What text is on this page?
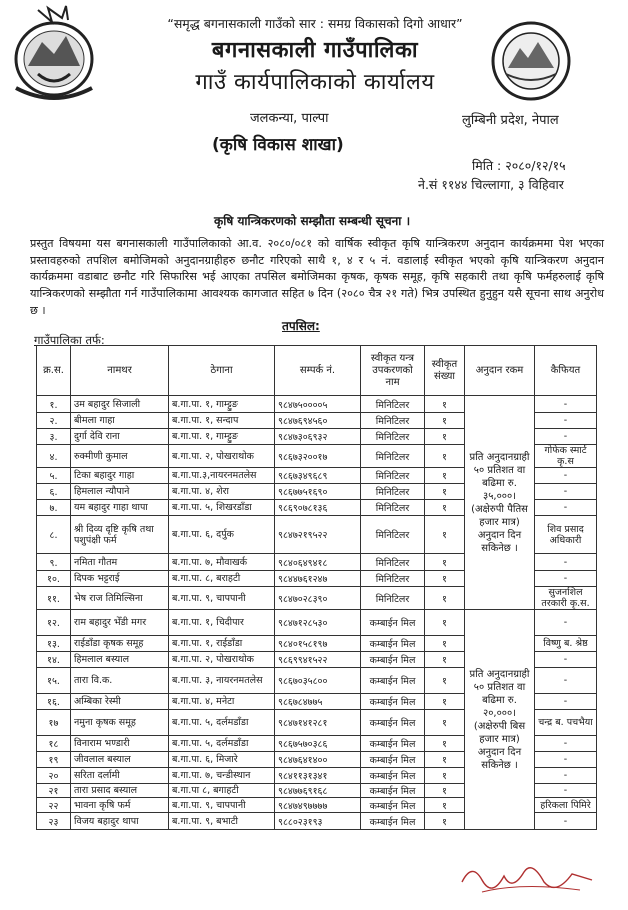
“समृद्ध बगनासकाली गाउँको सार : समग्र विकासको दिगो आधार”
बगनासकाली गाउँपालिका
गाउँ कार्यपालिकाको कार्यालय
जलकन्या, पाल्पा	लुम्बिनी प्रदेश, नेपाल
(कृषि विकास शाखा)
मिति : २०८०/१२/१५
ने.सं ११४४ चिल्लागा, ३ विहिवार
कृषि यान्त्रिकरणको सम्झौता सम्बन्धी सूचना ।
प्रस्तुत विषयमा यस बगनासकाली गाउँपालिकाको आ.व. २०८०/०८१ को वार्षिक स्वीकृत कृषि यान्त्रिकरण अनुदान कार्यक्रममा पेश भएका प्रस्तावहरुको तपशिल बमोजिमको अनुदानग्राहीहरु छनौट गरिएको साथै १, ४ र ५ नं. वडालाई स्वीकृत भएको कृषि यान्त्रिकरण अनुदान कार्यक्रममा वडाबाट छनौट गरि सिफारिस भई आएका तपसिल बमोजिमका कृषक, कृषक समूह, कृषि सहकारी तथा कृषि फर्महरुलाई कृषि यान्त्रिकरणको सम्झौता गर्न गाउँपालिकामा आवश्यक कागजात सहित ७ दिन (२०८० चैत्र २१ गते) भित्र उपस्थित हुनुहुन यसै सूचना साथ अनुरोध छ ।
तपसिल:
गाउँपालिका तर्फ:
क्र.स.	नामथर	ठेगाना	सम्पर्क नं.	स्वीकृत यन्त्र उपकरणको नाम	स्वीकृत संख्या	अनुदान रकम	कैफियत
१.	उम बहादुर सिजाली	ब.गा.पा. १, गाम्ट्टुङ	९८४७५००००५	मिनिटिलर	१	प्रति अनुदानग्राही ५० प्रतिशत वा बढिमा रु. ३५,०००। (अक्षेरुपी पैतिस हजार मात्र) अनुदान दिन सकिनेछ ।	-
२.	बीमला गाहा	ब.गा.पा. १, सन्दाप	९८४७६९४५६०	मिनिटिलर	१		-
३.	दुर्गा देवि राना	ब.गा.पा. १, गाम्ट्टुङ	९८४७३०६९३२	मिनिटिलर	१		-
४.	रुक्मीणी कुमाल	ब.गा.पा. २, पोखराथोक	९८६७३२००१७	मिनिटिलर	१		गोफेक स्मार्ट कृ.स
५.	टिका बहादुर गाहा	ब.गा.पा.३,नायरनमतलेस	९८६७३४९६८९	मिनिटिलर	१		-
६.	हिमलाल न्यौपाने	ब.गा.पा. ४, शेरा	९८६७७५१६९०	मिनिटिलर	१		-
७.	यम बहादुर गाहा थापा	ब.गा.पा. ५, शिखरडाँडा	९८६९०७८१३६	मिनिटिलर	१		-
८.	श्री दिव्य दृष्टि कृषि तथा पशुपंक्षी फर्म	ब.गा.पा. ६, दर्पुक	९८४७२१९५२२	मिनिटिलर	१		शिव प्रसाद अधिकारी
९.	नमिता गौतम	ब.गा.पा. ७, मौवाखर्क	९८४०६४९४१८	मिनिटिलर	१		-
१०.	दिपक भट्टराई	ब.गा.पा. ८, बराहटी	९८४४७६१२४७	मिनिटिलर	१		-
११.	भेष राज तिमिल्सिना	ब.गा.पा. ९, चापपानी	९८४७०२८३९०	मिनिटिलर	१		सुजनशिल तरकारी कृ.स.
१२.	राम बहादुर भेँडी मगर	ब.गा.पा. १, चिदीपार	९८४७१२८५३०	कम्बाईन मिल	१	प्रति अनुदानग्राही ५० प्रतिशत वा बढिमा रु. २०,०००। (अक्षेरुपी बिस हजार मात्र) अनुदान दिन सकिनेछ ।	-
१३.	राईडाँडा कृषक समूह	ब.गा.पा. १, राईडाँडा	९८४०१५८१९७	कम्बाईन मिल	१		विष्णु ब. श्रेष्ठ
१४.	हिमलाल बस्याल	ब.गा.पा. २, पोखराथोक	९८६९९४१५२२	कम्बाईन मिल	१		-
१५.	तारा वि.क.	ब.गा.पा. ३, नायरनमतलेस	९८६७०३५८००	कम्बाईन मिल	१		-
१६.	अम्बिका रेस्मी	ब.गा.पा. ४, मनेटा	९८६७८४७७५	कम्बाईन मिल	१		-
१७	नमुना कृषक समूह	ब.गा.पा. ५, दर्लमडाँडा	९८४७१४१२८१	कम्बाईन मिल	१		चन्द्र ब. पचभैया
१८	विनाराम भण्डारी	ब.गा.पा. ५, दर्लमडाँडा	९८६७५७०३८६	कम्बाईन मिल	१		-
१९	जीवलाल बस्याल	ब.गा.पा. ६, मिजारे	९८४७६४१४००	कम्बाईन मिल	१		-
२०	सरिता दर्लामी	ब.गा.पा. ७, चन्डीस्थान	९८४११३१३४१	कम्बाईन मिल	१		-
२१	तारा प्रसाद बस्याल	ब.गा.पा ८, बगाहटी	९८४७७६९१६८	कम्बाईन मिल	१		-
२२	भावना कृषि फर्म	ब.गा.पा. ९, चापपानी	९८४७४९७७७७	कम्बाईन मिल	१		हरिकला पिमिरे
२३	विजय बहादुर थापा	ब.गा.पा. ९, बभाटी	९८८०२३१९३	कम्बाईन मिल	१		-
